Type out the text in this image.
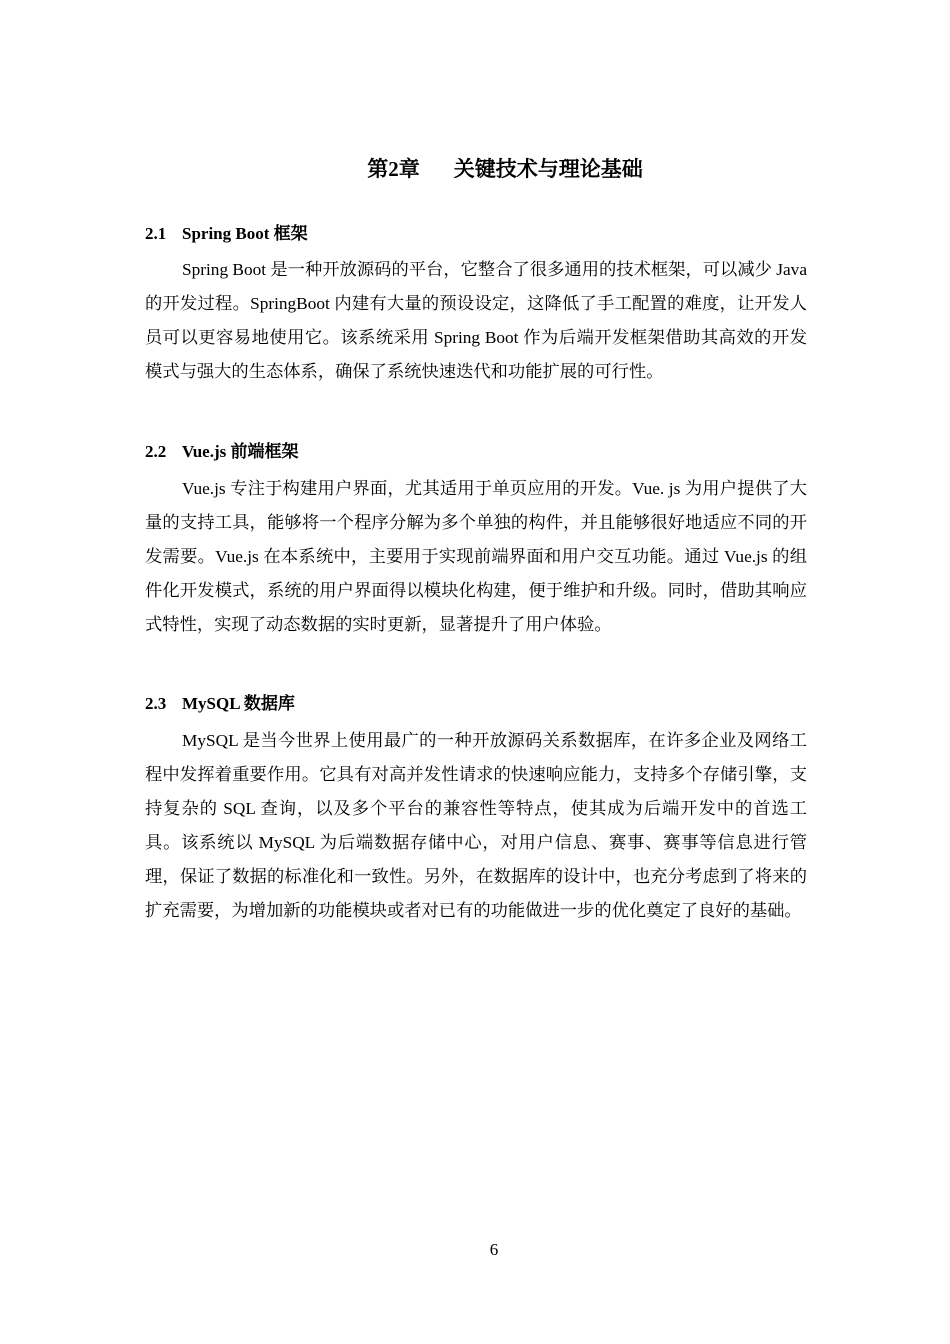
第2章 关键技术与理论基础
2.1 Spring Boot 框架

Spring Boot 是一种开放源码的平台，它整合了很多通用的技术框架，可以减少 Java 的开发过程。SpringBoot 内建有大量的预设设定，这降低了手工配置的难度，让开发人员可以更容易地使用它。该系统采用 Spring Boot 作为后端开发框架借助其高效的开发模式与强大的生态体系，确保了系统快速迭代和功能扩展的可行性。

2.2 Vue.js 前端框架

Vue.js 专注于构建用户界面，尤其适用于单页应用的开发。Vue. js 为用户提供了大量的支持工具，能够将一个程序分解为多个单独的构件，并且能够很好地适应不同的开发需要。Vue.js 在本系统中，主要用于实现前端界面和用户交互功能。通过 Vue.js 的组件化开发模式，系统的用户界面得以模块化构建，便于维护和升级。同时，借助其响应式特性，实现了动态数据的实时更新，显著提升了用户体验。

2.3 MySQL 数据库

MySQL 是当今世界上使用最广的一种开放源码关系数据库，在许多企业及网络工程中发挥着重要作用。它具有对高并发性请求的快速响应能力，支持多个存储引擎，支持复杂的 SQL 查询，以及多个平台的兼容性等特点，使其成为后端开发中的首选工具。该系统以 MySQL 为后端数据存储中心，对用户信息、赛事、赛事等信息进行管理，保证了数据的标准化和一致性。另外，在数据库的设计中，也充分考虑到了将来的扩充需要，为增加新的功能模块或者对已有的功能做进一步的优化奠定了良好的基础。

6
